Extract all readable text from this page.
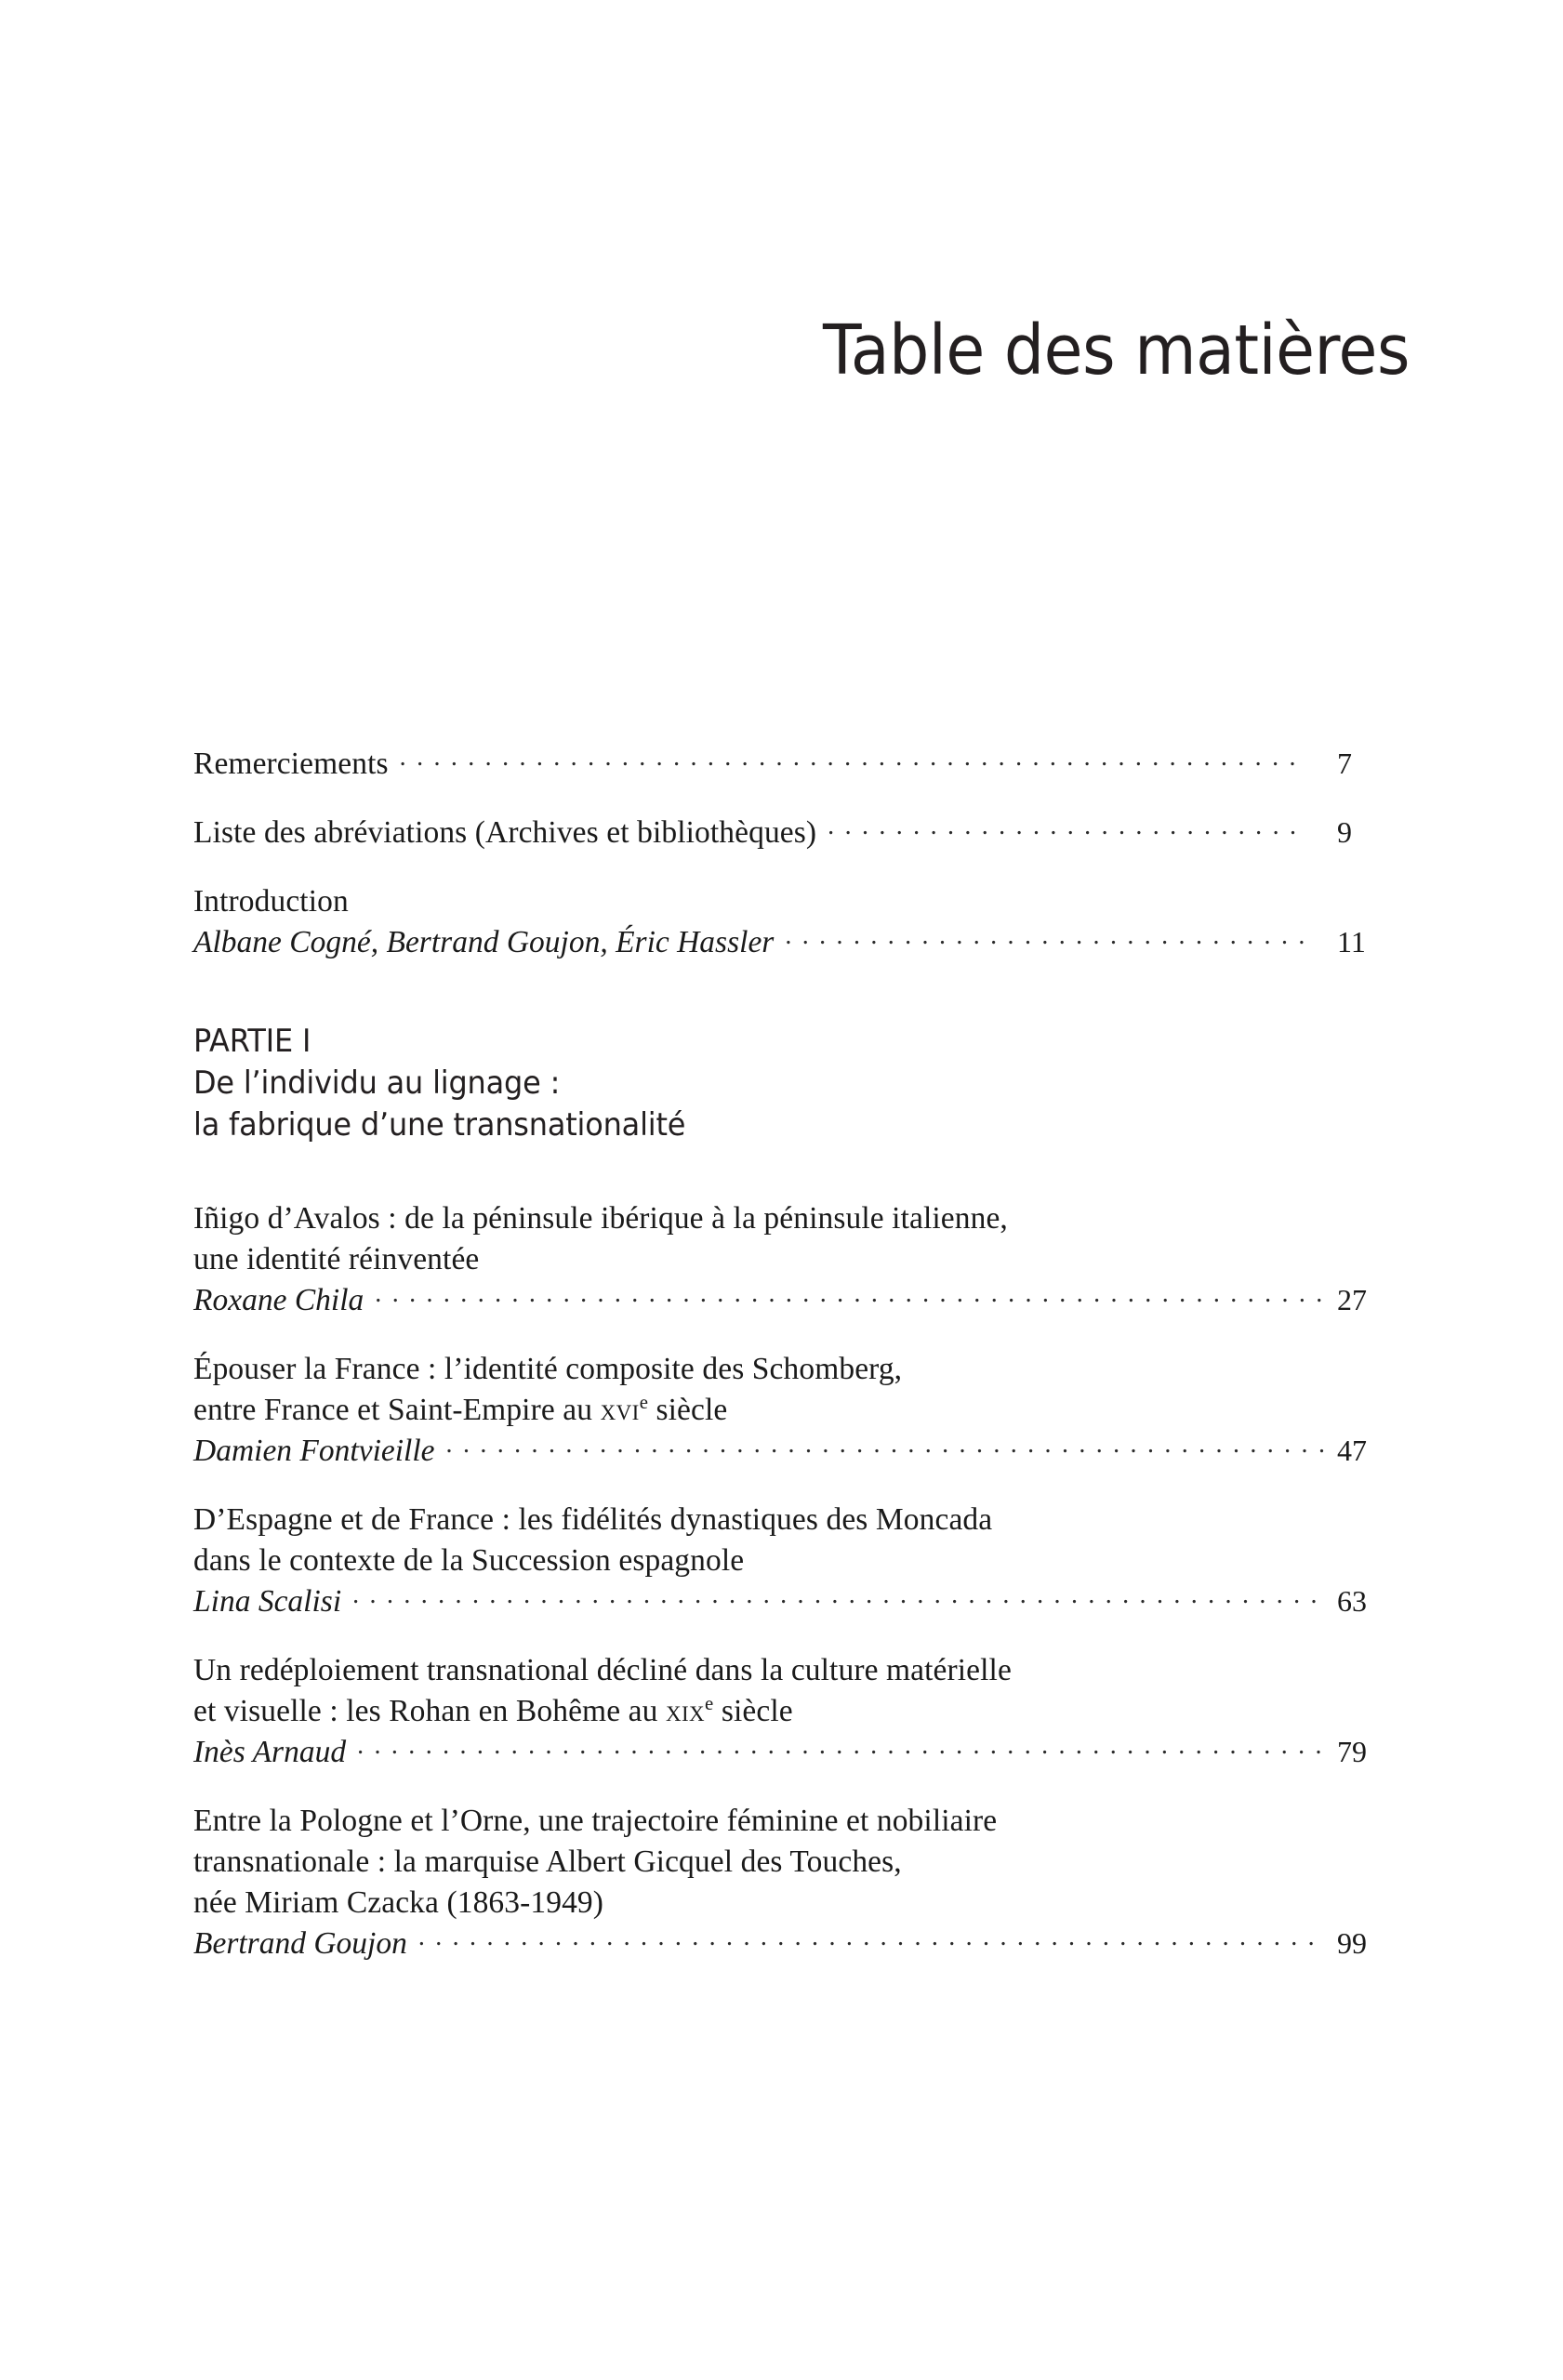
Table des matières
Remerciements . . .	7
Liste des abréviations (Archives et bibliothèques) . . .	9
Introduction
Albane Cogné, Bertrand Goujon, Éric Hassler . . .	11
PARTIE I
De l’individu au lignage :
la fabrique d’une transnationalité
Iñigo d’Avalos : de la péninsule ibérique à la péninsule italienne,
une identité réinventée
Roxane Chila . . .	27
Épouser la France : l’identité composite des Schomberg,
entre France et Saint-Empire au xvi$^e$ siècle
Damien Fontvieille . . .	47
D’Espagne et de France : les fidélités dynastiques des Moncada
dans le contexte de la Succession espagnole
Lina Scalisi . . .	63
Un redéploiement transnational décliné dans la culture matérielle
et visuelle : les Rohan en Bohême au xix$^e$ siècle
Inès Arnaud . . .	79
Entre la Pologne et l’Orne, une trajectoire féminine et nobiliaire
transnationale : la marquise Albert Gicquel des Touches,
née Miriam Czacka (1863-1949)
Bertrand Goujon . . .	99
